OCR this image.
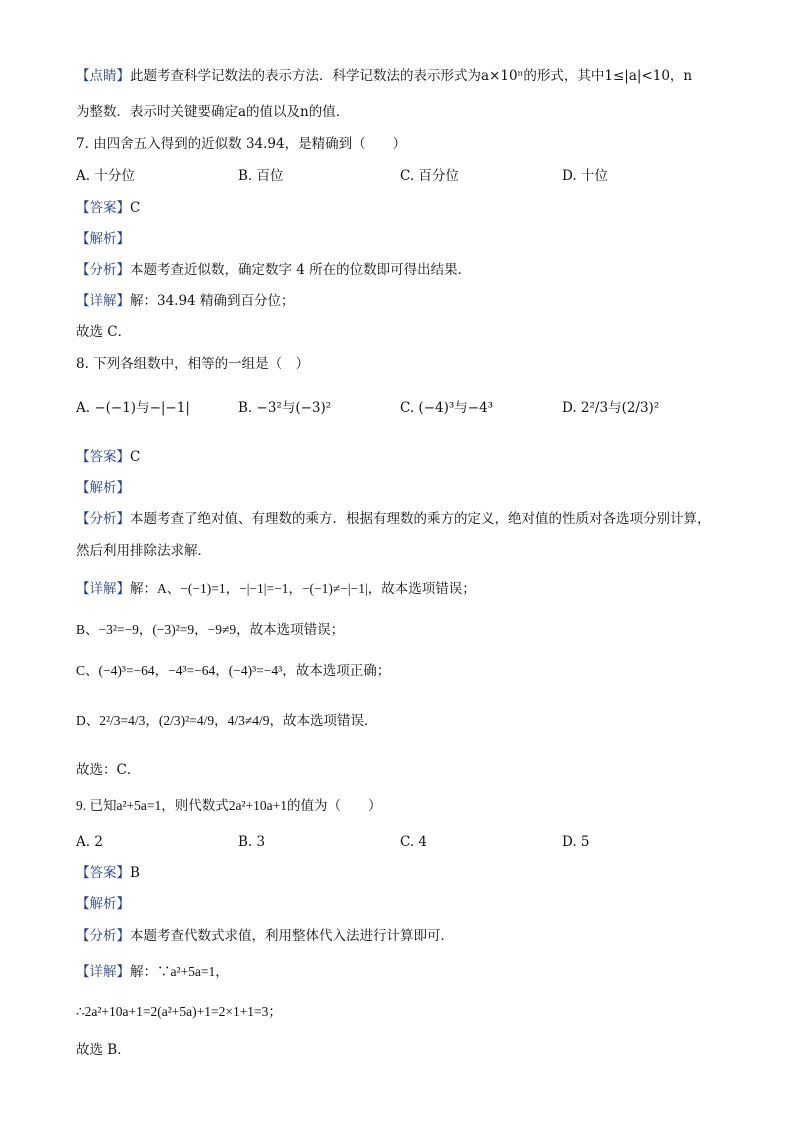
【点睛】此题考查科学记数法的表示方法．科学记数法的表示形式为a×10ⁿ的形式，其中1≤|a|<10，n
为整数．表示时关键要确定a的值以及n的值．
7. 由四舍五入得到的近似数 34.94，是精确到（　　）
A. 十分位	B. 百位	C. 百分位	D. 十位
【答案】C
【解析】
【分析】本题考查近似数，确定数字 4 所在的位数即可得出结果．
【详解】解：34.94 精确到百分位；
故选 C．
8. 下列各组数中，相等的一组是（　）
A. −(−1)与−|−1|	B. −3²与(−3)²	C. (−4)³与−4³	D. 2²/3与(2/3)²
【答案】C
【解析】
【分析】本题考查了绝对值、有理数的乘方．根据有理数的乘方的定义，绝对值的性质对各选项分别计算，
然后利用排除法求解．
【详解】解：A、−(−1)=1，−|−1|=−1，−(−1)≠−|−1|，故本选项错误；
B、−3²=−9，(−3)²=9，−9≠9，故本选项错误；
C、(−4)³=−64，−4³=−64，(−4)³=−4³，故本选项正确；
D、2²/3=4/3，(2/3)²=4/9，4/3≠4/9，故本选项错误．
故选：C．
9. 已知a²+5a=1，则代数式2a²+10a+1的值为（　　）
A. 2	B. 3	C. 4	D. 5
【答案】B
【解析】
【分析】本题考查代数式求值，利用整体代入法进行计算即可．
【详解】解：∵a²+5a=1，
∴2a²+10a+1=2(a²+5a)+1=2×1+1=3；
故选 B．
